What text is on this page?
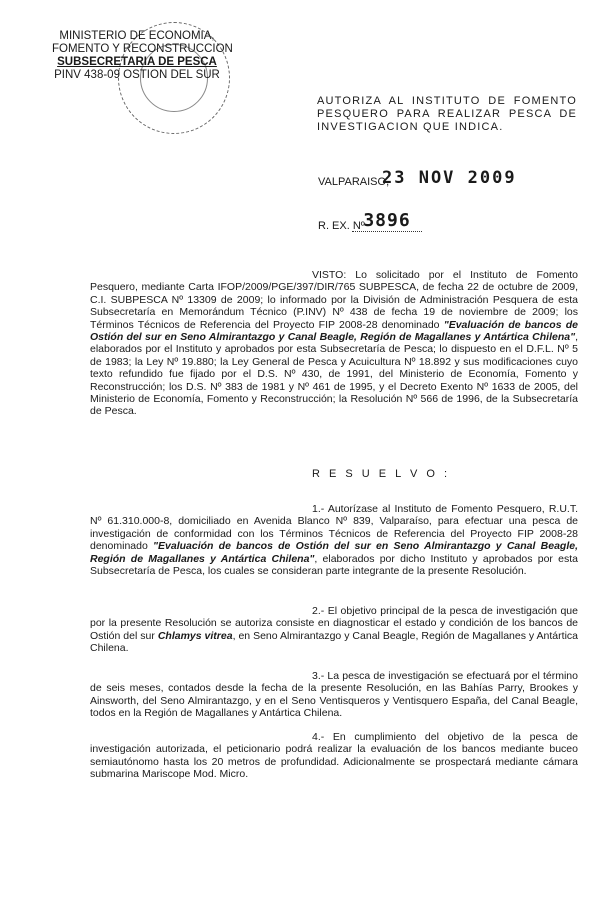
MINISTERIO DE ECONOMIA,
FOMENTO Y RECONSTRUCCION
SUBSECRETARIA DE PESCA
PINV 438-09 OSTION DEL SUR
AUTORIZA AL INSTITUTO DE FOMENTO PESQUERO PARA REALIZAR PESCA DE INVESTIGACION QUE INDICA.
VALPARAISO,
23 NOV 2009
R. EX. Nº
3896
VISTO: Lo solicitado por el Instituto de Fomento Pesquero, mediante Carta IFOP/2009/PGE/397/DIR/765 SUBPESCA, de fecha 22 de octubre de 2009, C.I. SUBPESCA Nº 13309 de 2009; lo informado por la División de Administración Pesquera de esta Subsecretaría en Memorándum Técnico (P.INV) Nº 438 de fecha 19 de noviembre de 2009; los Términos Técnicos de Referencia del Proyecto FIP 2008-28 denominado "Evaluación de bancos de Ostión del sur en Seno Almirantazgo y Canal Beagle, Región de Magallanes y Antártica Chilena", elaborados por el Instituto y aprobados por esta Subsecretaría de Pesca; lo dispuesto en el D.F.L. Nº 5 de 1983; la Ley Nº 19.880; la Ley General de Pesca y Acuicultura Nº 18.892 y sus modificaciones cuyo texto refundido fue fijado por el D.S. Nº 430, de 1991, del Ministerio de Economía, Fomento y Reconstrucción; los D.S. Nº 383 de 1981 y Nº 461 de 1995, y el Decreto Exento Nº 1633 de 2005, del Ministerio de Economía, Fomento y Reconstrucción; la Resolución Nº 566 de 1996, de la Subsecretaría de Pesca.
R E S U E L V O :
1.- Autorízase al Instituto de Fomento Pesquero, R.U.T. Nº 61.310.000-8, domiciliado en Avenida Blanco Nº 839, Valparaíso, para efectuar una pesca de investigación de conformidad con los Términos Técnicos de Referencia del Proyecto FIP 2008-28 denominado "Evaluación de bancos de Ostión del sur en Seno Almirantazgo y Canal Beagle, Región de Magallanes y Antártica Chilena", elaborados por dicho Instituto y aprobados por esta Subsecretaría de Pesca, los cuales se consideran parte integrante de la presente Resolución.
2.- El objetivo principal de la pesca de investigación que por la presente Resolución se autoriza consiste en diagnosticar el estado y condición de los bancos de Ostión del sur Chlamys vitrea, en Seno Almirantazgo y Canal Beagle, Región de Magallanes y Antártica Chilena.
3.- La pesca de investigación se efectuará por el término de seis meses, contados desde la fecha de la presente Resolución, en las Bahías Parry, Brookes y Ainsworth, del Seno Almirantazgo, y en el Seno Ventisqueros y Ventisquero España, del Canal Beagle, todos en la Región de Magallanes y Antártica Chilena.
4.- En cumplimiento del objetivo de la pesca de investigación autorizada, el peticionario podrá realizar la evaluación de los bancos mediante buceo semiautónomo hasta los 20 metros de profundidad. Adicionalmente se prospectará mediante cámara submarina Mariscope Mod. Micro.
